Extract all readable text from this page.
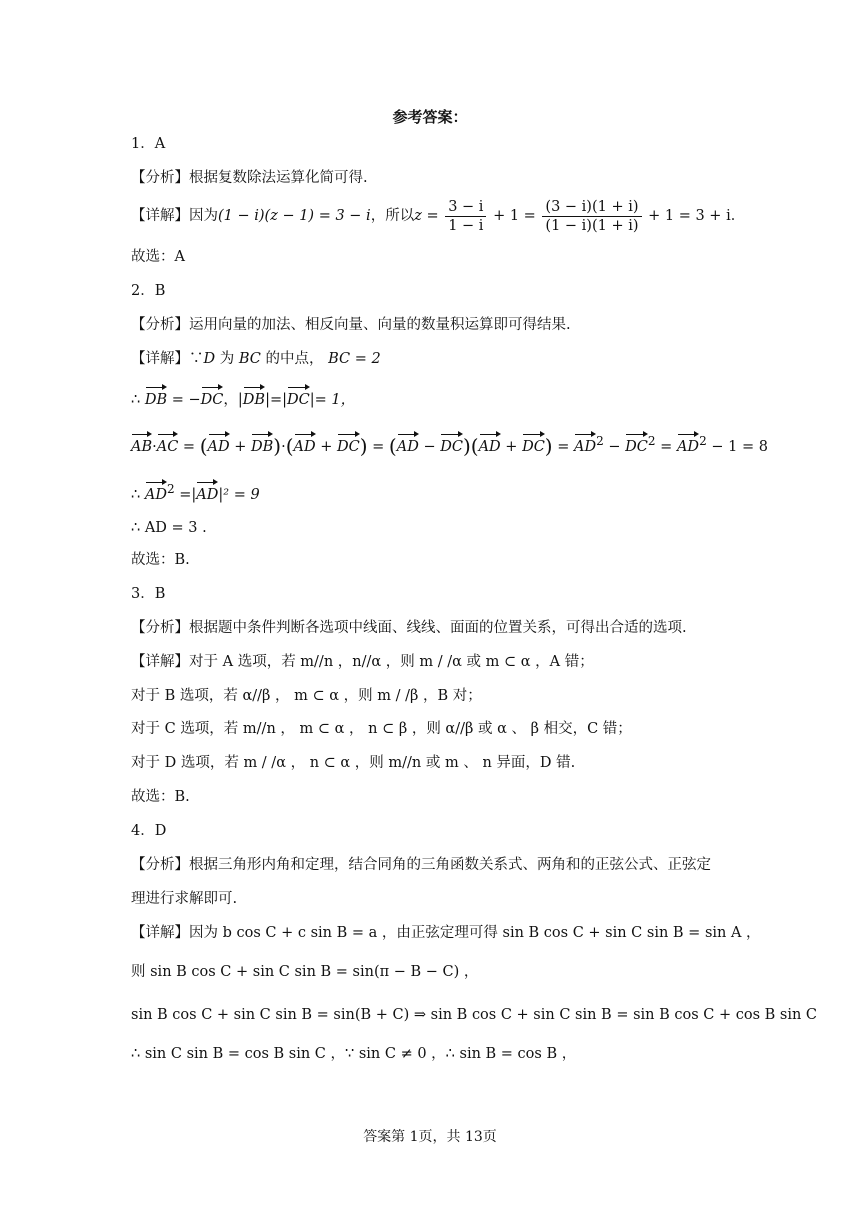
参考答案：
1．A
【分析】根据复数除法运算化简可得.
【详解】因为(1 − i)(z − 1) = 3 − i，所以$z = \frac{3 - i}{1 - i} + 1 = \frac{(3 - i)(1 + i)}{(1 - i)(1 + i)} + 1 = 3 + i$．
故选：A
2．B
【分析】运用向量的加法、相反向量、向量的数量积运算即可得结果.
【详解】∵D 为 BC 的中点， BC = 2
∴ DB = −DC，|DB|=|DC|= 1，
$AB\cdot AC = (AD + DB)\cdot(AD + DC) = (AD - DC)(AD + DC) = AD^2 - DC^2 = AD^2 - 1 = 8$
∴ $AD^2 =|AD|^2 = 9$
∴ AD = 3 .
故选：B.
3．B
【分析】根据题中条件判断各选项中线面、线线、面面的位置关系，可得出合适的选项.
【详解】对于 A 选项，若 m//n ，n//α ，则 m / /α 或 m ⊂ α ，A 错；
对于 B 选项，若 α//β ， m ⊂ α ，则 m / /β ，B 对；
对于 C 选项，若 m//n ， m ⊂ α ， n ⊂ β ，则 α//β 或 α 、 β 相交，C 错；
对于 D 选项，若 m / /α ， n ⊂ α ，则 m//n 或 m 、 n 异面，D 错.
故选：B.
4．D
【分析】根据三角形内角和定理，结合同角的三角函数关系式、两角和的正弦公式、正弦定
理进行求解即可.
【详解】因为 b cos C + c sin B = a ，由正弦定理可得 sin B cos C + sin C sin B = sin A ，
则 sin B cos C + sin C sin B = sin(π − B − C) ，
sin B cos C + sin C sin B = sin(B + C) ⇒ sin B cos C + sin C sin B = sin B cos C + cos B sin C
∴ sin C sin B = cos B sin C ，∵ sin C ≠ 0 ，∴ sin B = cos B ，
答案第 1页，共 13页
